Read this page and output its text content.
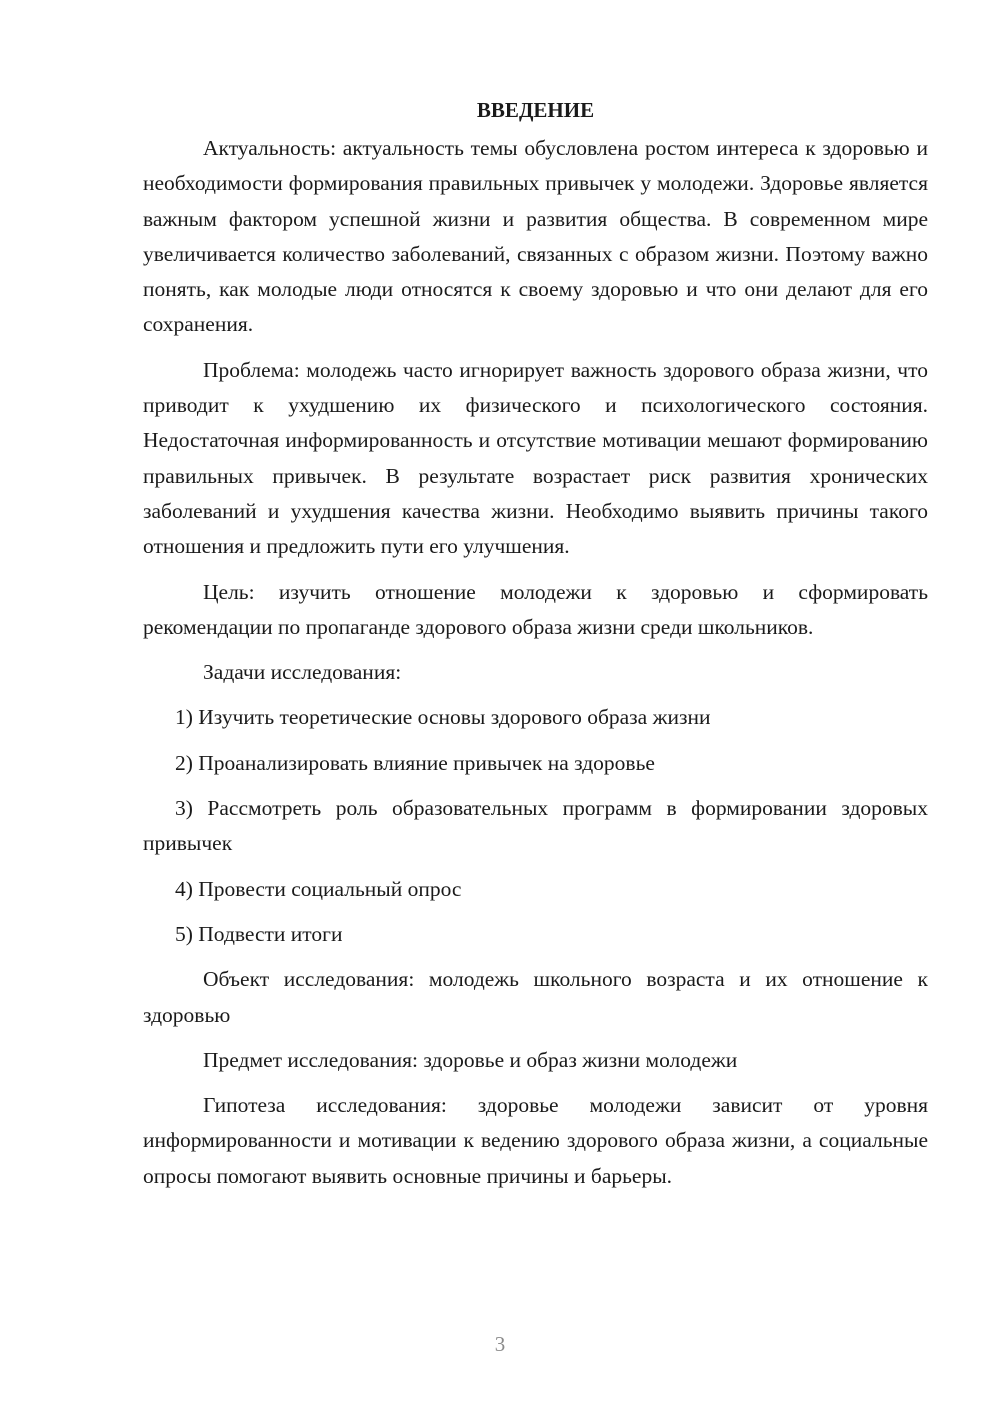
ВВЕДЕНИЕ

Актуальность: актуальность темы обусловлена ростом интереса к здоровью и необходимости формирования правильных привычек у молодежи. Здоровье является важным фактором успешной жизни и развития общества. В современном мире увеличивается количество заболеваний, связанных с образом жизни. Поэтому важно понять, как молодые люди относятся к своему здоровью и что они делают для его сохранения.

Проблема: молодежь часто игнорирует важность здорового образа жизни, что приводит к ухудшению их физического и психологического состояния. Недостаточная информированность и отсутствие мотивации мешают формированию правильных привычек. В результате возрастает риск развития хронических заболеваний и ухудшения качества жизни. Необходимо выявить причины такого отношения и предложить пути его улучшения.

Цель: изучить отношение молодежи к здоровью и сформировать рекомендации по пропаганде здорового образа жизни среди школьников.

Задачи исследования:

1) Изучить теоретические основы здорового образа жизни

2) Проанализировать влияние привычек на здоровье

3) Рассмотреть роль образовательных программ в формировании здоровых привычек

4) Провести социальный опрос

5) Подвести итоги

Объект исследования: молодежь школьного возраста и их отношение к здоровью

Предмет исследования: здоровье и образ жизни молодежи

Гипотеза исследования: здоровье молодежи зависит от уровня информированности и мотивации к ведению здорового образа жизни, а социальные опросы помогают выявить основные причины и барьеры.

3
